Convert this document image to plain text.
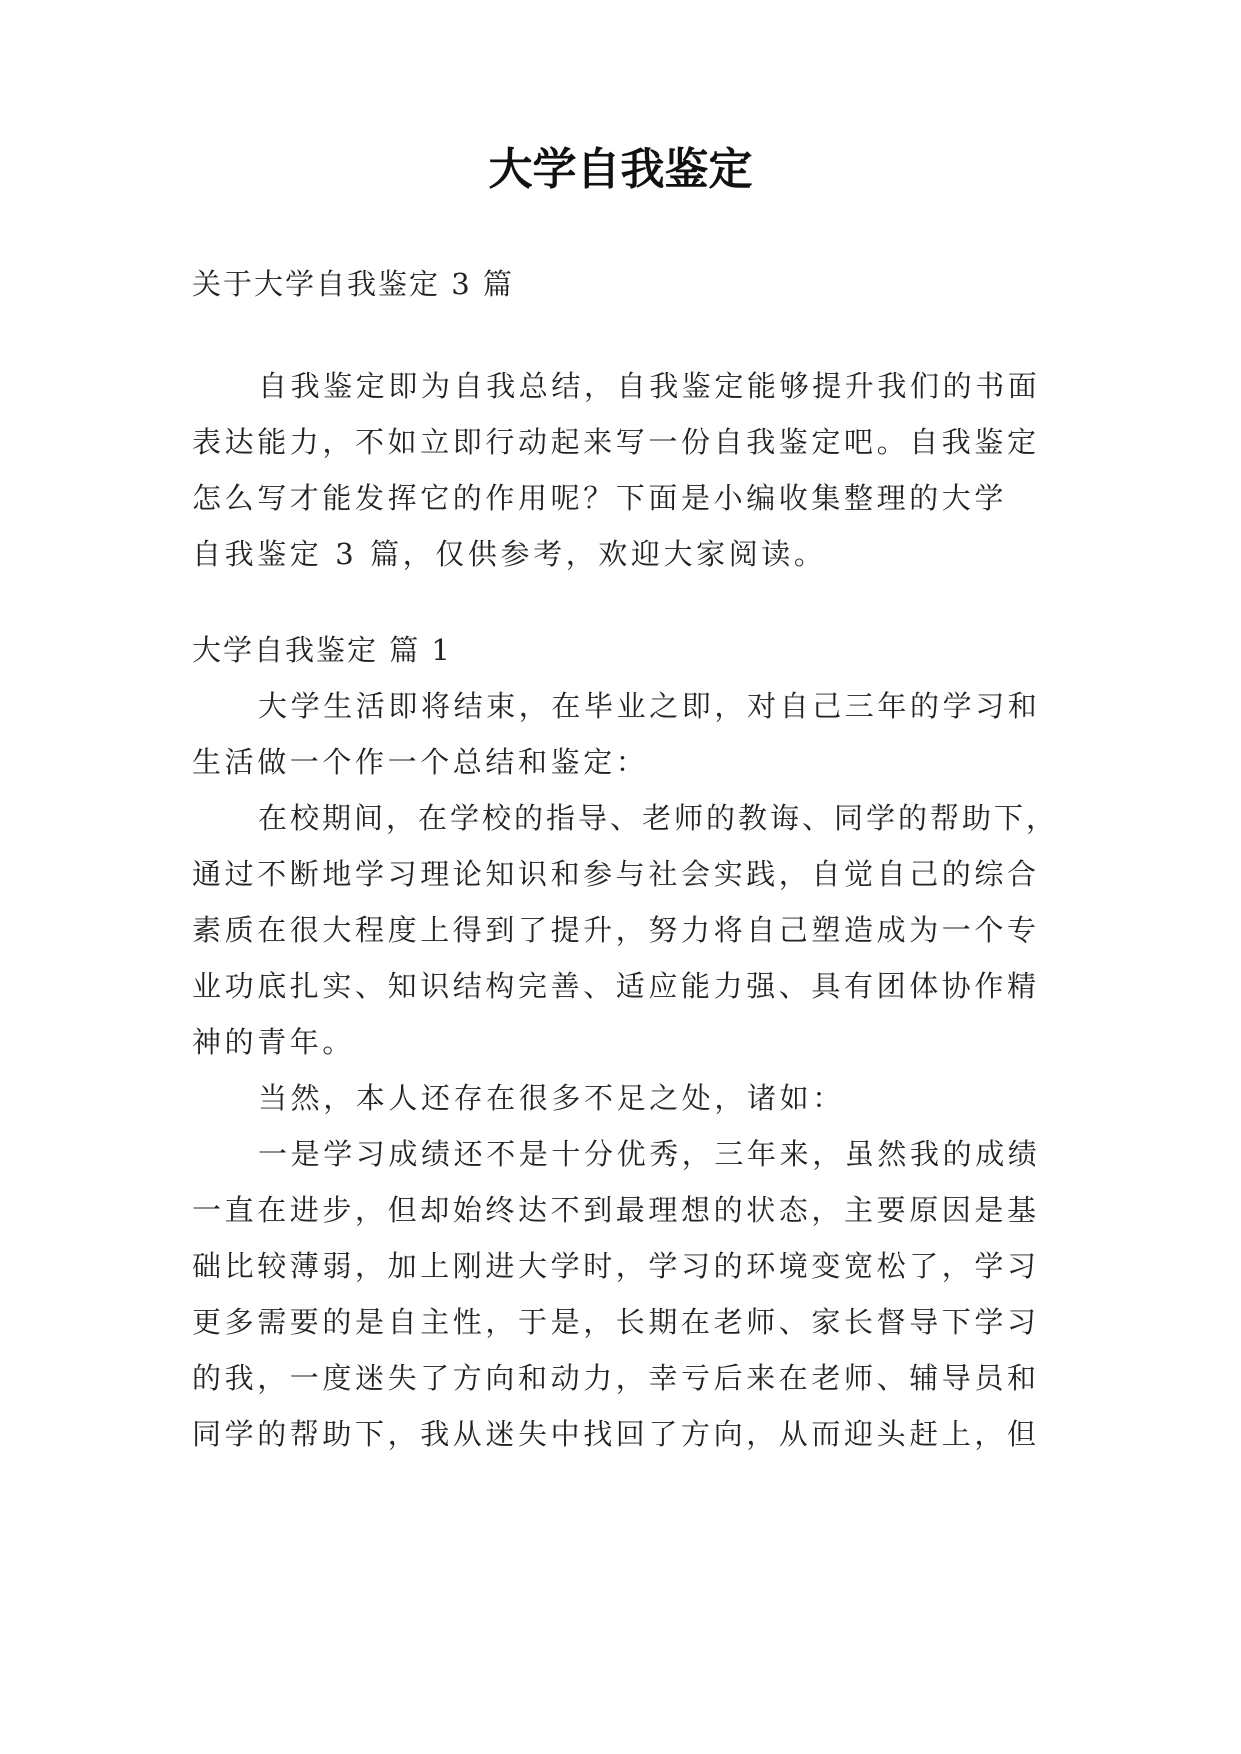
大学自我鉴定
关于大学自我鉴定 3 篇
自我鉴定即为自我总结，自我鉴定能够提升我们的书面
表达能力，不如立即行动起来写一份自我鉴定吧。自我鉴定
怎么写才能发挥它的作用呢？下面是小编收集整理的大学
自我鉴定 3 篇，仅供参考，欢迎大家阅读。
大学自我鉴定 篇 1
大学生活即将结束，在毕业之即，对自己三年的学习和
生活做一个作一个总结和鉴定：
在校期间，在学校的指导、老师的教诲、同学的帮助下，
通过不断地学习理论知识和参与社会实践，自觉自己的综合
素质在很大程度上得到了提升，努力将自己塑造成为一个专
业功底扎实、知识结构完善、适应能力强、具有团体协作精
神的青年。
当然，本人还存在很多不足之处，诸如：
一是学习成绩还不是十分优秀，三年来，虽然我的成绩
一直在进步，但却始终达不到最理想的状态，主要原因是基
础比较薄弱，加上刚进大学时，学习的环境变宽松了，学习
更多需要的是自主性，于是，长期在老师、家长督导下学习
的我，一度迷失了方向和动力，幸亏后来在老师、辅导员和
同学的帮助下，我从迷失中找回了方向，从而迎头赶上，但
